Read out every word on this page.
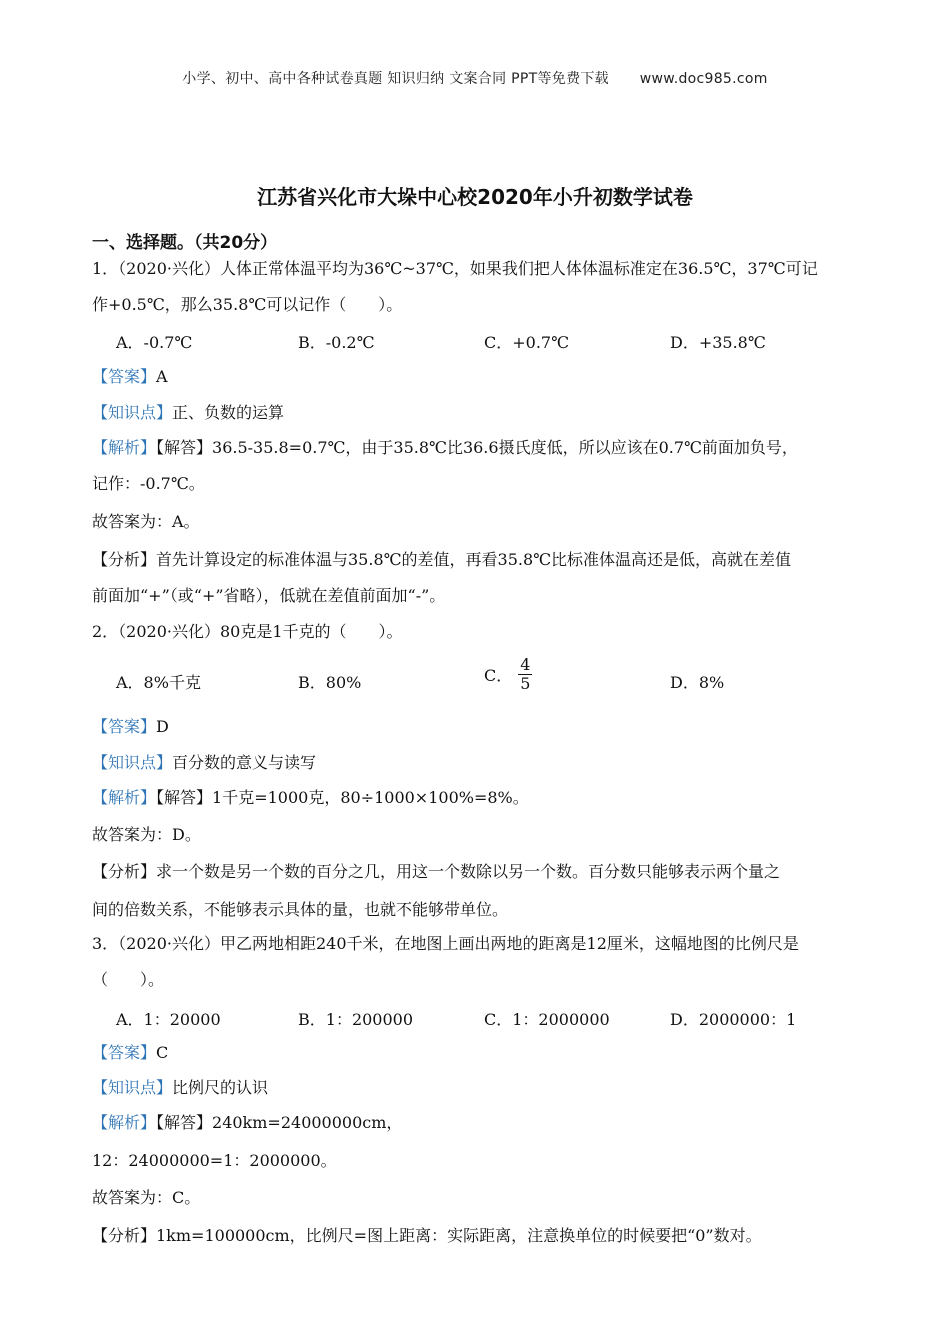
小学、初中、高中各种试卷真题 知识归纳 文案合同 PPT等免费下载 www.doc985.com
江苏省兴化市大垛中心校2020年小升初数学试卷
一、选择题。（共20分）
1．（2020·兴化）人体正常体温平均为36℃~37℃，如果我们把人体体温标准定在36.5℃，37℃可记
作+0.5℃，那么35.8℃可以记作（　　）。
A．-0.7℃	B．-0.2℃	C．+0.7℃	D．+35.8℃
【答案】A
【知识点】正、负数的运算
【解析】【解答】36.5-35.8=0.7℃，由于35.8℃比36.6摄氏度低，所以应该在0.7℃前面加负号，
记作：-0.7℃。
故答案为：A。
【分析】首先计算设定的标准体温与35.8℃的差值，再看35.8℃比标准体温高还是低，高就在差值
前面加“+”（或“+”省略），低就在差值前面加“-”。
2．（2020·兴化）80克是1千克的（　　）。
A．8%千克	B．80%	C． $\frac{4}{5}$	D．8%
【答案】D
【知识点】百分数的意义与读写
【解析】【解答】1千克=1000克，80÷1000×100%=8%。
故答案为：D。
【分析】求一个数是另一个数的百分之几，用这一个数除以另一个数。百分数只能够表示两个量之
间的倍数关系，不能够表示具体的量，也就不能够带单位。
3．（2020·兴化）甲乙两地相距240千米，在地图上画出两地的距离是12厘米，这幅地图的比例尺是
（　　）。
A．1：20000	B．1：200000	C．1：2000000	D．2000000：1
【答案】C
【知识点】比例尺的认识
【解析】【解答】240km=24000000cm，
12：24000000=1：2000000。
故答案为：C。
【分析】1km=100000cm，比例尺=图上距离：实际距离，注意换单位的时候要把“0”数对。
